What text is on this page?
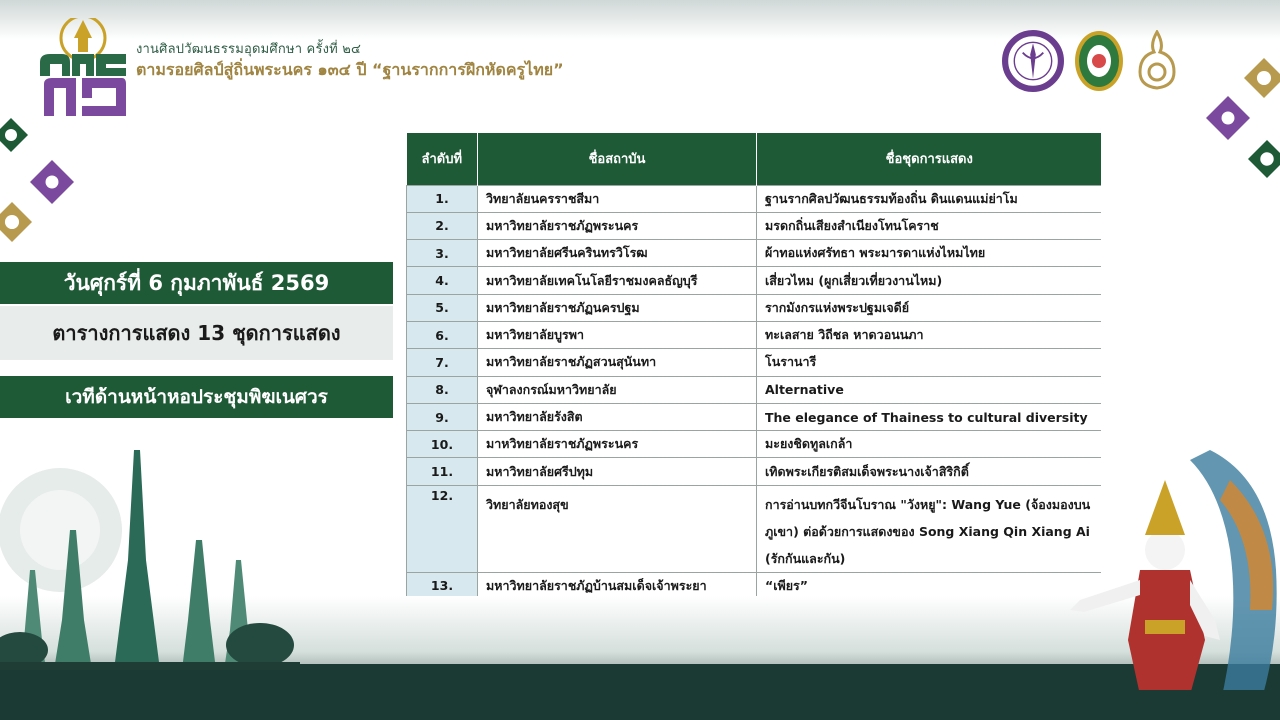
งานศิลปวัฒนธรรมอุดมศึกษา ครั้งที่ ๒๔
ตามรอยศิลป์สู่ถิ่นพระนคร ๑๓๔ ปี “ฐานรากการฝึกหัดครูไทย”
วันศุกร์ที่ 6 กุมภาพันธ์ 2569
ตารางการแสดง 13 ชุดการแสดง
เวทีด้านหน้าหอประชุมพิฆเนศวร
ลำดับที่	ชื่อสถาบัน	ชื่อชุดการแสดง
1.	วิทยาลัยนครราชสีมา	ฐานรากศิลปวัฒนธรรมท้องถิ่น ดินแดนแม่ย่าโม
2.	มหาวิทยาลัยราชภัฏพระนคร	มรดกถิ่นเสียงสำเนียงโทนโคราช
3.	มหาวิทยาลัยศรีนครินทรวิโรฒ	ผ้าทอแห่งศรัทธา พระมารดาแห่งไหมไทย
4.	มหาวิทยาลัยเทคโนโลยีราชมงคลธัญบุรี	เสี่ยวไหม (ผูกเสี่ยวเที่ยวงานไหม)
5.	มหาวิทยาลัยราชภัฏนครปฐม	รากมังกรแห่งพระปฐมเจดีย์
6.	มหาวิทยาลัยบูรพา	ทะเลสาย วิถีชล หาดวอนนภา
7.	มหาวิทยาลัยราชภัฏสวนสุนันทา	โนรานารี
8.	จุฬาลงกรณ์มหาวิทยาลัย	Alternative
9.	มหาวิทยาลัยรังสิต	The elegance of Thainess to cultural diversity
10.	มาหวิทยาลัยราชภัฏพระนคร	มะยงชิดทูลเกล้า
11.	มหาวิทยาลัยศรีปทุม	เทิดพระเกียรติสมเด็จพระนางเจ้าสิริกิติ์
12.	วิทยาลัยทองสุข	การอ่านบทกวีจีนโบราณ "วังหยู": Wang Yue (จ้องมองบนภูเขา) ต่อด้วยการแสดงของ Song Xiang Qin Xiang Ai (รักกันและกัน)
13.	มหาวิทยาลัยราชภัฏบ้านสมเด็จเจ้าพระยา	“เพียร”
